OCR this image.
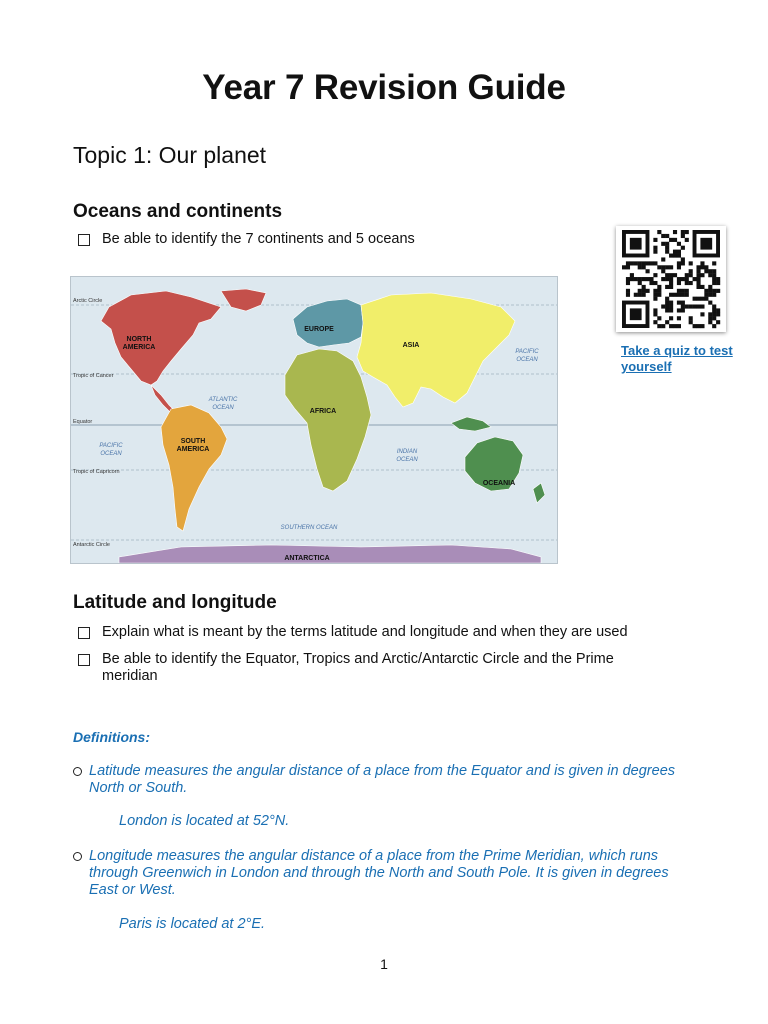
Year 7 Revision Guide
Topic 1: Our planet
Oceans and continents
Be able to identify the 7 continents and 5 oceans
Take a quiz to test yourself
Arctic Circle
Tropic of Cancer
Equator
Tropic of Capricorn
Antarctic Circle
NORTH
AMERICA
SOUTH
AMERICA
EUROPE
ASIA
AFRICA
OCEANIA
ANTARCTICA
ATLANTIC
OCEAN
PACIFIC
OCEAN
PACIFIC
OCEAN
INDIAN
OCEAN
SOUTHERN OCEAN
Latitude and longitude
Explain what is meant by the terms latitude and longitude and when they are used
Be able to identify the Equator, Tropics and Arctic/Antarctic Circle and the Prime meridian
Definitions:
Latitude measures the angular distance of a place from the Equator and is given in degrees North or South.
London is located at 52°N.
Longitude measures the angular distance of a place from the Prime Meridian, which runs through Greenwich in London and through the North and South Pole. It is given in degrees East or West.
Paris is located at 2°E.
1
